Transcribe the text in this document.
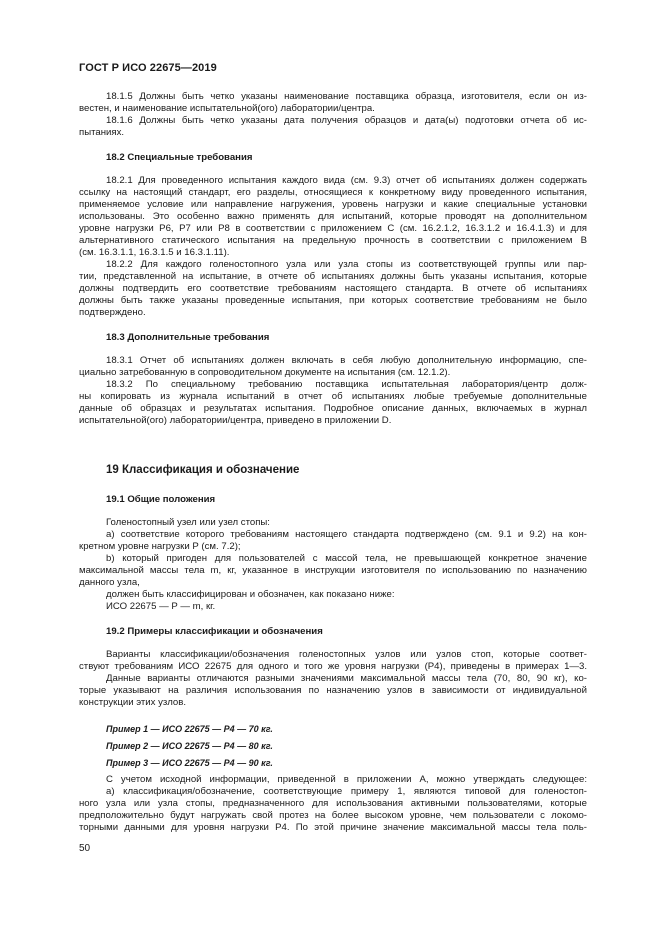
ГОСТ Р ИСО 22675—2019
18.1.5 Должны быть четко указаны наименование поставщика образца, изготовителя, если он из-
вестен, и наименование испытательной(ого) лаборатории/центра.
18.1.6 Должны быть четко указаны дата получения образцов и дата(ы) подготовки отчета об ис-
пытаниях.
18.2 Специальные требования
18.2.1 Для проведенного испытания каждого вида (см. 9.3) отчет об испытаниях должен содержать
ссылку на настоящий стандарт, его разделы, относящиеся к конкретному виду проведенного испытания,
применяемое условие или направление нагружения, уровень нагрузки и какие специальные установки
использованы. Это особенно важно применять для испытаний, которые проводят на дополнительном
уровне нагрузки Р6, Р7 или Р8 в соответствии с приложением С (см. 16.2.1.2, 16.3.1.2 и 16.4.1.3) и для
альтернативного статического испытания на предельную прочность в соответствии с приложением В
(см. 16.3.1.1, 16.3.1.5 и 16.3.1.11).
18.2.2 Для каждого голеностопного узла или узла стопы из соответствующей группы или пар-
тии, представленной на испытание, в отчете об испытаниях должны быть указаны испытания, которые
должны подтвердить его соответствие требованиям настоящего стандарта. В отчете об испытаниях
должны быть также указаны проведенные испытания, при которых соответствие требованиям не было
подтверждено.
18.3 Дополнительные требования
18.3.1 Отчет об испытаниях должен включать в себя любую дополнительную информацию, спе-
циально затребованную в сопроводительном документе на испытания (см. 12.1.2).
18.3.2 По специальному требованию поставщика испытательная лаборатория/центр долж-
ны копировать из журнала испытаний в отчет об испытаниях любые требуемые дополнительные
данные об образцах и результатах испытания. Подробное описание данных, включаемых в журнал
испытательной(ого) лаборатории/центра, приведено в приложении D.
19.1 Общие положения
Голеностопный узел или узел стопы:
а) соответствие которого требованиям настоящего стандарта подтверждено (см. 9.1 и 9.2) на кон-
кретном уровне нагрузки Р (см. 7.2);
b) который пригоден для пользователей с массой тела, не превышающей конкретное значение
максимальной массы тела m, кг, указанное в инструкции изготовителя по использованию по назначению
данного узла,
должен быть классифицирован и обозначен, как показано ниже:
ИСО 22675 — Р — m, кг.
19.2 Примеры классификации и обозначения
Варианты классификации/обозначения голеностопных узлов или узлов стоп, которые соответ-
ствуют требованиям ИСО 22675 для одного и того же уровня нагрузки (Р4), приведены в примерах 1—3.
Данные варианты отличаются разными значениями максимальной массы тела (70, 80, 90 кг), ко-
торые указывают на различия использования по назначению узлов в зависимости от индивидуальной
конструкции этих узлов.
Пример 1 — ИСО 22675 — Р4 — 70 кг.
Пример 2 — ИСО 22675 — Р4 — 80 кг.
Пример 3 — ИСО 22675 — Р4 — 90 кг.
С учетом исходной информации, приведенной в приложении А, можно утверждать следующее:
а) классификация/обозначение, соответствующие примеру 1, являются типовой для голеностоп-
ного узла или узла стопы, предназначенного для использования активными пользователями, которые
предположительно будут нагружать свой протез на более высоком уровне, чем пользователи с локомо-
торными данными для уровня нагрузки Р4. По этой причине значение максимальной массы тела поль-
19 Классификация и обозначение
50
